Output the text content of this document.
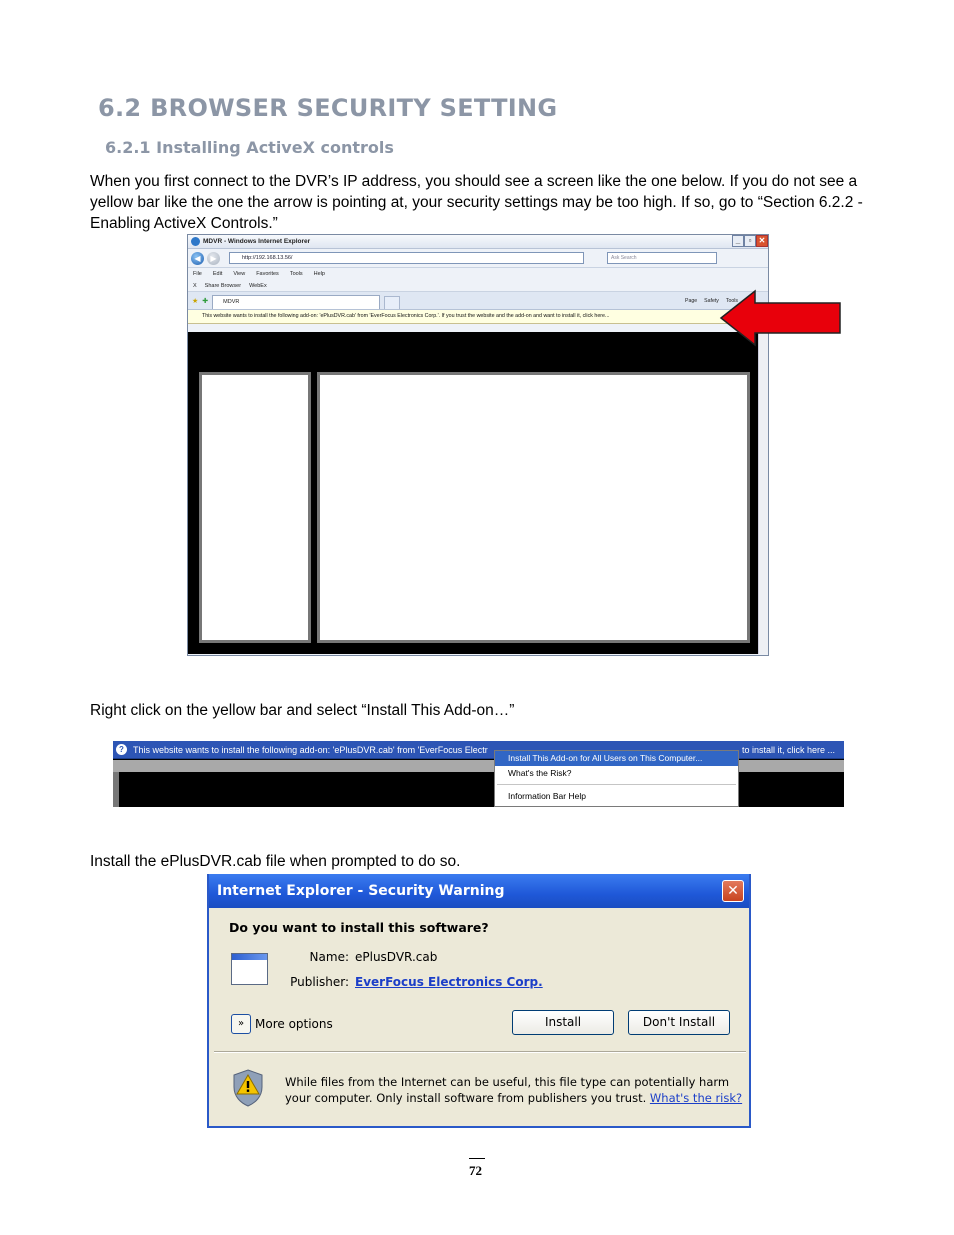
6.2 BROWSER SECURITY SETTING
6.2.1 Installing ActiveX controls
When you first connect to the DVR’s IP address, you should see a screen like the one below. If you do not see a yellow bar like the one the arrow is pointing at, your security settings may be too high. If so, go to “Section 6.2.2 - Enabling ActiveX Controls.”
MDVR - Windows Internet Explorer	_	▫ ✕
◀	▶	http://192.168.13.56/	Ask Search
File Edit View Favorites Tools Help
X Share Browser WebEx
★ ✚	MDVR	Page Safety Tools
This website wants to install the following add-on: 'ePlusDVR.cab' from 'EverFocus Electronics Corp.'. If you trust the website and the add-on and want to install it, click here...
Right click on the yellow bar and select “Install This Add-on…”
?	This website wants to install the following add-on: 'ePlusDVR.cab' from 'EverFocus Electr	to install it, click here ...
Install This Add-on for All Users on This Computer...
What's the Risk?
Information Bar Help
Install the ePlusDVR.cab file when prompted to do so.
Internet Explorer - Security Warning	✕
Do you want to install this software?
Name: ePlusDVR.cab
Publisher: EverFocus Electronics Corp.
» More options	Install	Don't Install
While files from the Internet can be useful, this file type can potentially harm your computer. Only install software from publishers you trust. What's the risk?
72
